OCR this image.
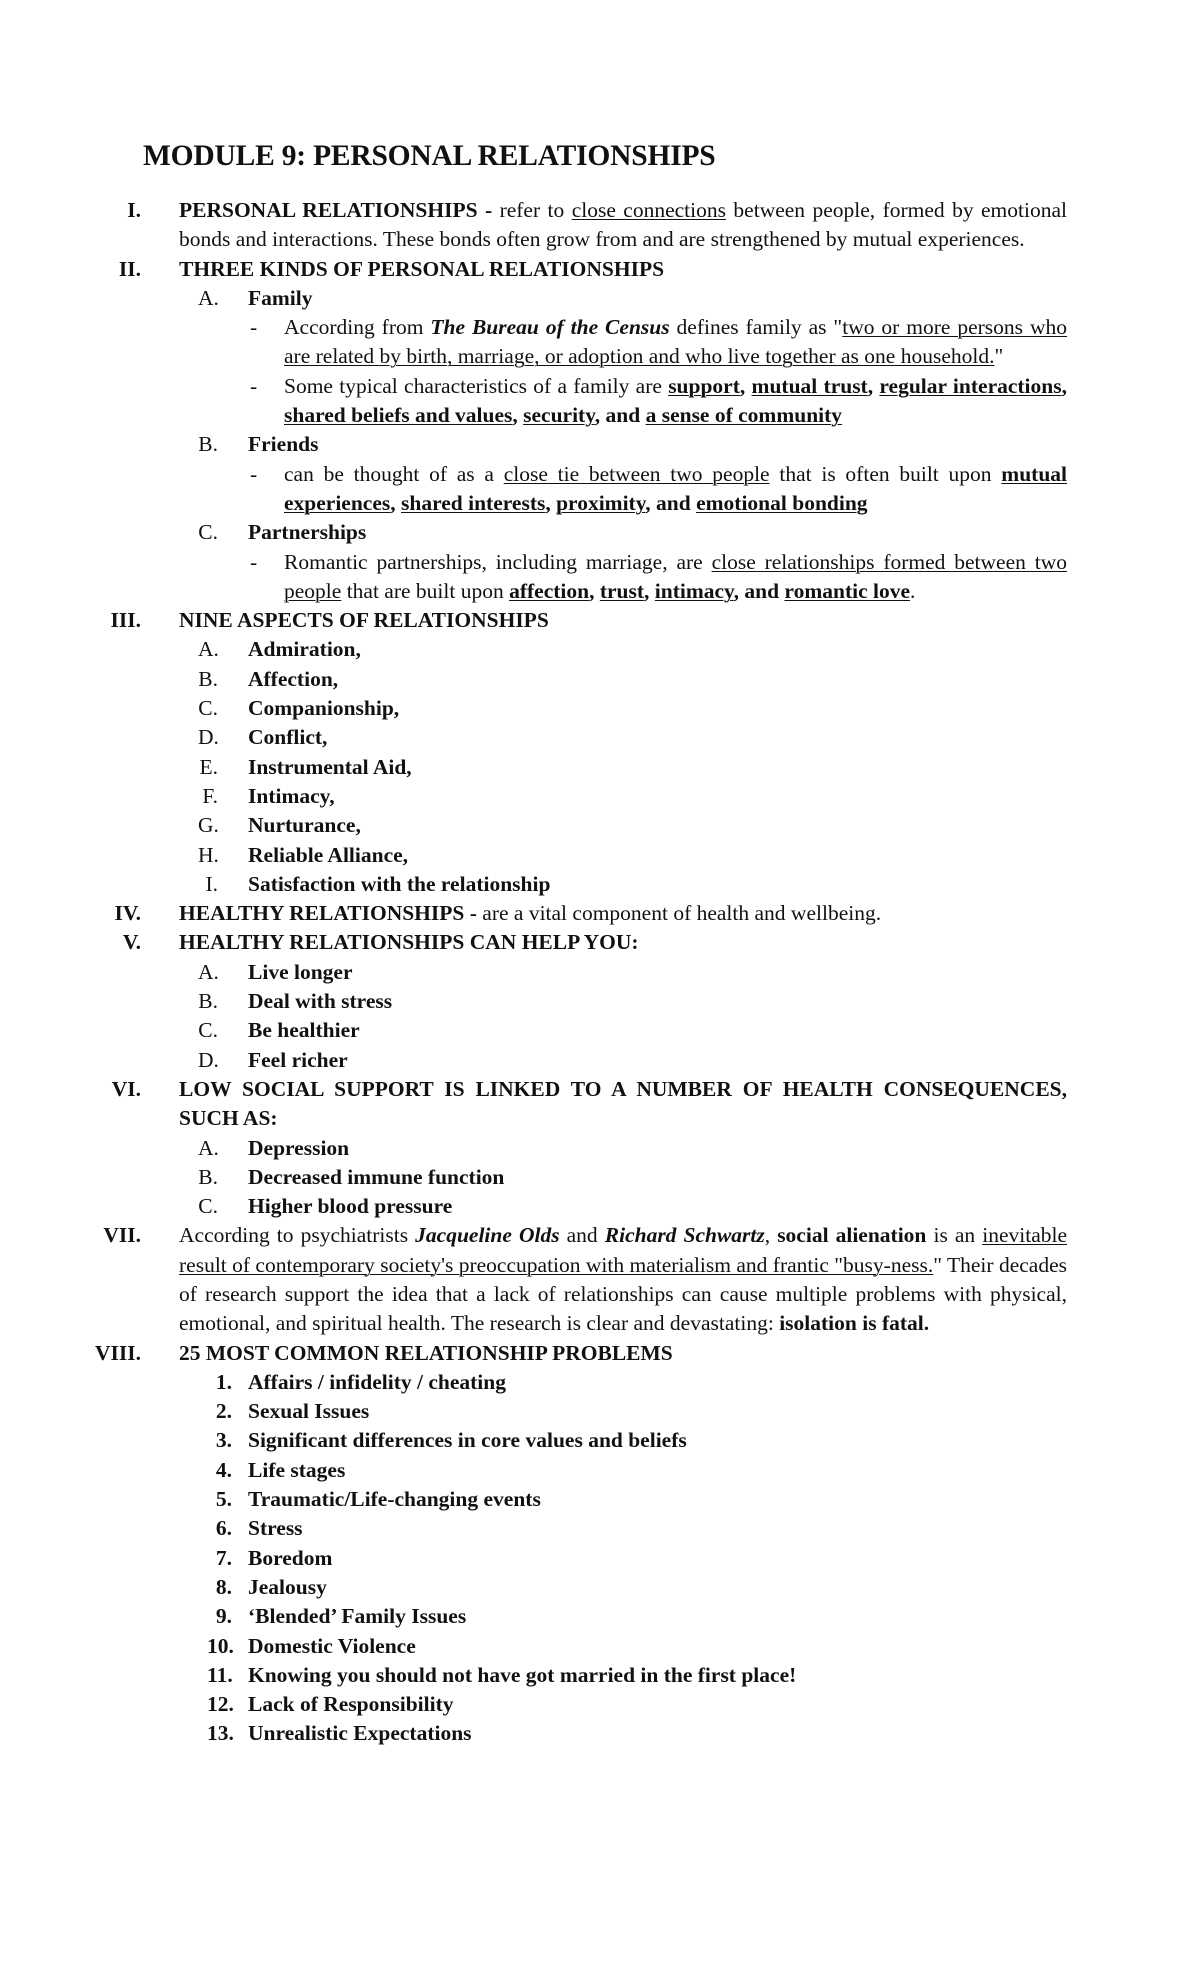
MODULE 9: PERSONAL RELATIONSHIPS
I. PERSONAL RELATIONSHIPS - refer to close connections between people, formed by emotional bonds and interactions. These bonds often grow from and are strengthened by mutual experiences.
II. THREE KINDS OF PERSONAL RELATIONSHIPS
A. Family
- According from The Bureau of the Census defines family as "two or more persons who are related by birth, marriage, or adoption and who live together as one household."
- Some typical characteristics of a family are support, mutual trust, regular interactions, shared beliefs and values, security, and a sense of community
B. Friends
- can be thought of as a close tie between two people that is often built upon mutual experiences, shared interests, proximity, and emotional bonding
C. Partnerships
- Romantic partnerships, including marriage, are close relationships formed between two people that are built upon affection, trust, intimacy, and romantic love.
III. NINE ASPECTS OF RELATIONSHIPS
A. Admiration,
B. Affection,
C. Companionship,
D. Conflict,
E. Instrumental Aid,
F. Intimacy,
G. Nurturance,
H. Reliable Alliance,
I. Satisfaction with the relationship
IV. HEALTHY RELATIONSHIPS - are a vital component of health and wellbeing.
V. HEALTHY RELATIONSHIPS CAN HELP YOU:
A. Live longer
B. Deal with stress
C. Be healthier
D. Feel richer
VI. LOW SOCIAL SUPPORT IS LINKED TO A NUMBER OF HEALTH CONSEQUENCES, SUCH AS:
A. Depression
B. Decreased immune function
C. Higher blood pressure
VII. According to psychiatrists Jacqueline Olds and Richard Schwartz, social alienation is an inevitable result of contemporary society's preoccupation with materialism and frantic "busy-ness." Their decades of research support the idea that a lack of relationships can cause multiple problems with physical, emotional, and spiritual health. The research is clear and devastating: isolation is fatal.
VIII. 25 MOST COMMON RELATIONSHIP PROBLEMS
1. Affairs / infidelity / cheating
2. Sexual Issues
3. Significant differences in core values and beliefs
4. Life stages
5. Traumatic/Life-changing events
6. Stress
7. Boredom
8. Jealousy
9. ‘Blended’ Family Issues
10. Domestic Violence
11. Knowing you should not have got married in the first place!
12. Lack of Responsibility
13. Unrealistic Expectations
